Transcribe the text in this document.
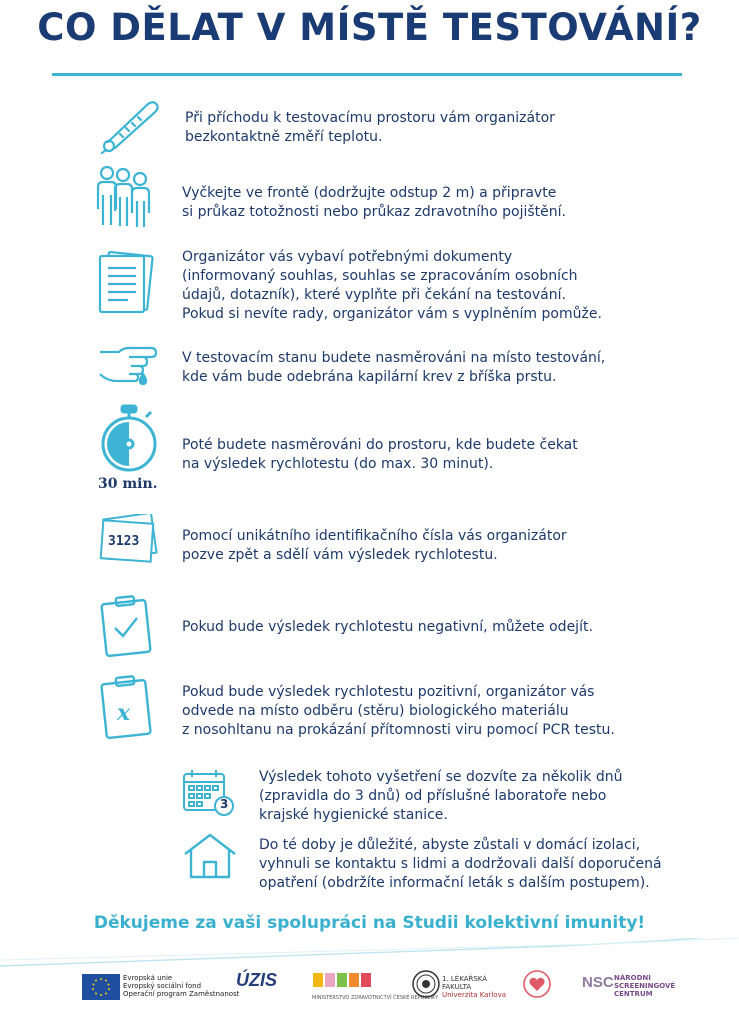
CO DĚLAT V MÍSTĚ TESTOVÁNÍ?
Při příchodu k testovacímu prostoru vám organizátor
bezkontaktně změří teplotu.
Vyčkejte ve frontě (dodržujte odstup 2 m) a připravte
si průkaz totožnosti nebo průkaz zdravotního pojištění.
Organizátor vás vybaví potřebnými dokumenty
(informovaný souhlas, souhlas se zpracováním osobních
údajů, dotazník), které vyplňte při čekání na testování.
Pokud si nevíte rady, organizátor vám s vyplněním pomůže.
V testovacím stanu budete nasměrováni na místo testování,
kde vám bude odebrána kapilární krev z bříška prstu.
30 min.
Poté budete nasměrováni do prostoru, kde budete čekat
na výsledek rychlotestu (do max. 30 minut).
3123	Pomocí unikátního identifikačního čísla vás organizátor
pozve zpět a sdělí vám výsledek rychlotestu.
Pokud bude výsledek rychlotestu negativní, můžete odejít.
x
Pokud bude výsledek rychlotestu pozitivní, organizátor vás
odvede na místo odběru (stěru) biologického materiálu
z nosohltanu na prokázání přítomnosti viru pomocí PCR testu.
3
Výsledek tohoto vyšetření se dozvíte za několik dnů
(zpravidla do 3 dnů) od příslušné laboratoře nebo
krajské hygienické stanice.
Do té doby je důležité, abyste zůstali v domácí izolaci,
vyhnuli se kontaktu s lidmi a dodržovali další doporučená
opatření (obdržíte informační leták s dalším postupem).
Děkujeme za vaši spolupráci na Studii kolektivní imunity!
Evropská unie
Evropský sociální fond
Operační program Zaměstnanost
ÚZIS
MINISTERSTVO ZDRAVOTNICTVÍ ČESKÉ REPUBLIKY
1. LÉKAŘSKÁ
FAKULTA
Univerzita Karlova
NSC NÁRODNÍ
SCREENINGOVÉ
CENTRUM
